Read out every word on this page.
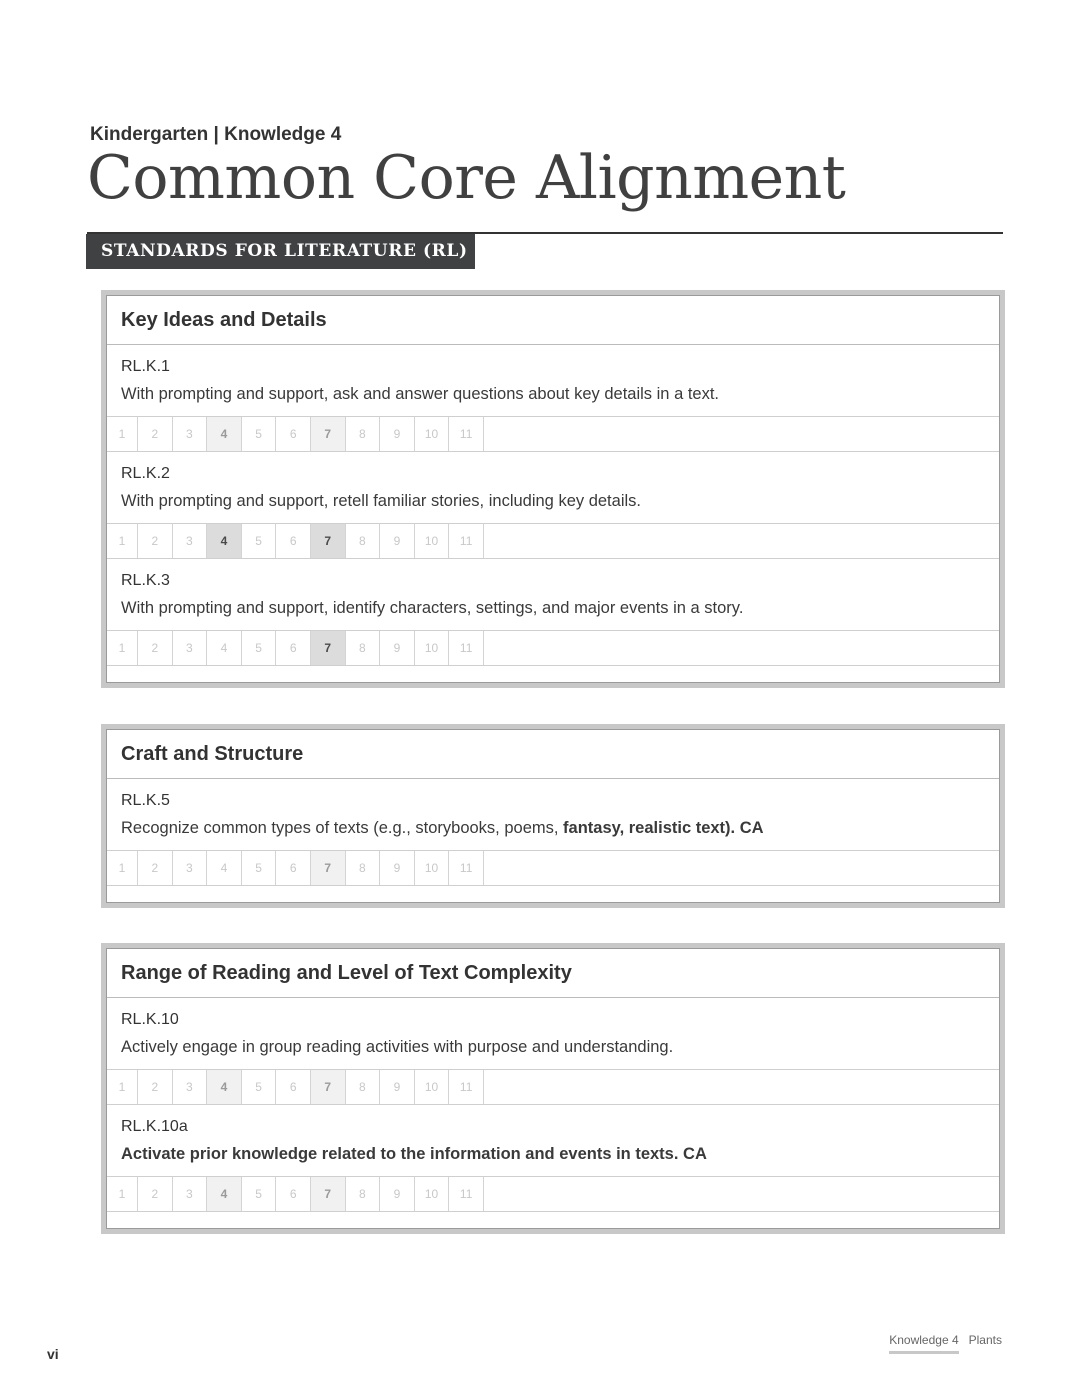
Kindergarten | Knowledge 4
Common Core Alignment
STANDARDS FOR LITERATURE (RL)
Key Ideas and Details
RL.K.1
With prompting and support, ask and answer questions about key details in a text.
1	2	3	4	5	6	7	8	9	10	11
RL.K.2
With prompting and support, retell familiar stories, including key details.
1	2	3	4	5	6	7	8	9	10	11
RL.K.3
With prompting and support, identify characters, settings, and major events in a story.
1	2	3	4	5	6	7	8	9	10	11
Craft and Structure
RL.K.5
Recognize common types of texts (e.g., storybooks, poems, fantasy, realistic text). CA
1	2	3	4	5	6	7	8	9	10	11
Range of Reading and Level of Text Complexity
RL.K.10
Actively engage in group reading activities with purpose and understanding.
1	2	3	4	5	6	7	8	9	10	11
RL.K.10a
Activate prior knowledge related to the information and events in texts. CA
1	2	3	4	5	6	7	8	9	10	11
vi
Knowledge 4 Plants
